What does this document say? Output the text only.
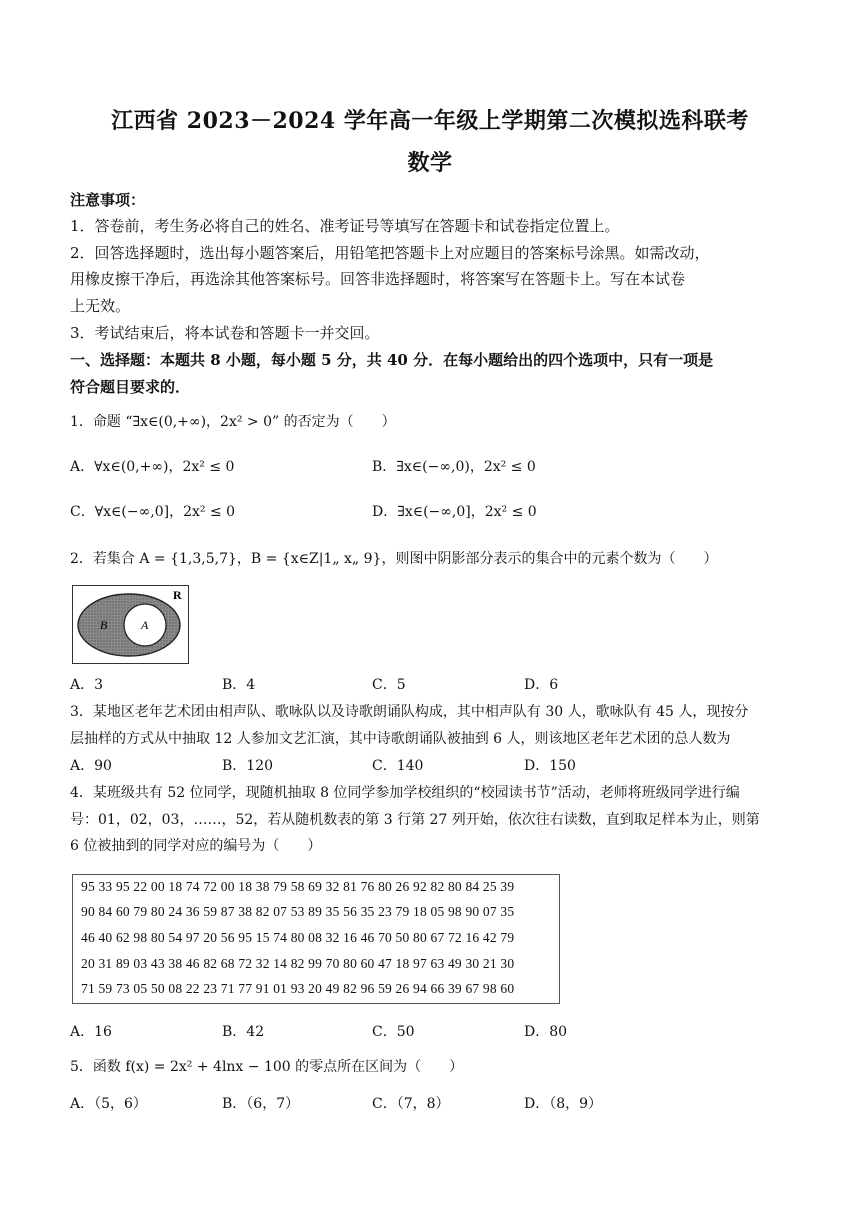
江西省 2023－2024 学年高一年级上学期第二次模拟选科联考
数学
注意事项：
1．答卷前，考生务必将自己的姓名、准考证号等填写在答题卡和试卷指定位置上。
2．回答选择题时，选出每小题答案后，用铅笔把答题卡上对应题目的答案标号涂黑。如需改动，
用橡皮擦干净后，再选涂其他答案标号。回答非选择题时，将答案写在答题卡上。写在本试卷
上无效。
3．考试结束后，将本试卷和答题卡一并交回。
一、选择题：本题共 8 小题，每小题 5 分，共 40 分．在每小题给出的四个选项中，只有一项是
符合题目要求的．
1．命题 “∃x∈(0,+∞)，2x² > 0” 的否定为（　　）
A．∀x∈(0,+∞)，2x² ≤ 0	B．∃x∈(−∞,0)，2x² ≤ 0
C．∀x∈(−∞,0]，2x² ≤ 0	D．∃x∈(−∞,0]，2x² ≤ 0
2．若集合 A = {1,3,5,7}，B = {x∈Z|1„ x„ 9}，则图中阴影部分表示的集合中的元素个数为（　　）
R
B	A
A．3	B．4	C．5	D．6
3．某地区老年艺术团由相声队、歌咏队以及诗歌朗诵队构成，其中相声队有 30 人，歌咏队有 45 人，现按分
层抽样的方式从中抽取 12 人参加文艺汇演，其中诗歌朗诵队被抽到 6 人，则该地区老年艺术团的总人数为
A．90	B．120	C．140	D．150
4．某班级共有 52 位同学，现随机抽取 8 位同学参加学校组织的“校园读书节”活动，老师将班级同学进行编
号：01，02，03，……，52，若从随机数表的第 3 行第 27 列开始，依次往右读数，直到取足样本为止，则第
6 位被抽到的同学对应的编号为（　　）
95 33 95 22 00 18 74 72 00 18 38 79 58 69 32 81 76 80 26 92 82 80 84 25 39
90 84 60 79 80 24 36 59 87 38 82 07 53 89 35 56 35 23 79 18 05 98 90 07 35
46 40 62 98 80 54 97 20 56 95 15 74 80 08 32 16 46 70 50 80 67 72 16 42 79
20 31 89 03 43 38 46 82 68 72 32 14 82 99 70 80 60 47 18 97 63 49 30 21 30
71 59 73 05 50 08 22 23 71 77 91 01 93 20 49 82 96 59 26 94 66 39 67 98 60
A．16	B．42	C．50	D．80
5．函数 f(x) = 2x² + 4lnx − 100 的零点所在区间为（　　）
A．（5，6）	B．（6，7）	C．（7，8）	D．（8，9）
